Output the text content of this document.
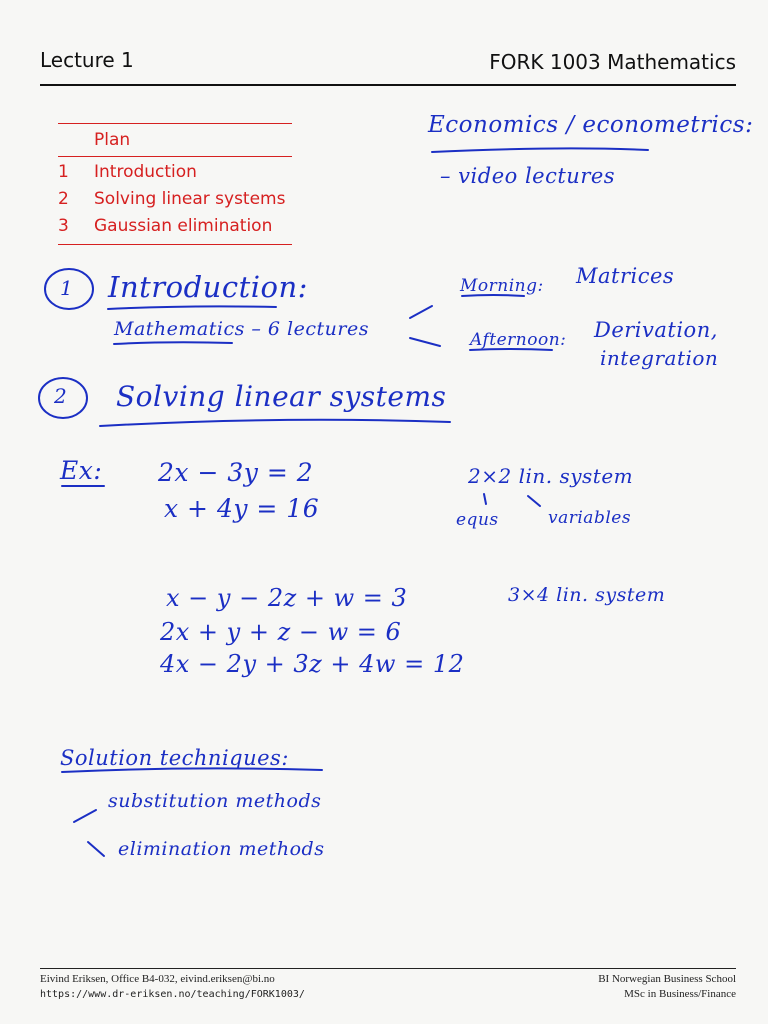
Lecture 1	FORK 1003 Mathematics
Plan
1 Introduction
2 Solving linear systems
3 Gaussian elimination
Economics / econometrics:
– video lectures
1 Introduction:
Mathematics – 6 lectures
Morning: Matrices
Afternoon: Derivation,
integration
2 Solving linear systems
Ex: 2x − 3y = 2
x + 4y = 16
2×2 lin. system
equs	variables
x − y − 2z + w = 3
2x + y + z − w = 6
4x − 2y + 3z + 4w = 12
3×4 lin. system
Solution techniques:
substitution methods
elimination methods
Eivind Eriksen, Office B4-032, eivind.eriksen@bi.no
https://www.dr-eriksen.no/teaching/FORK1003/
BI Norwegian Business School
MSc in Business/Finance
